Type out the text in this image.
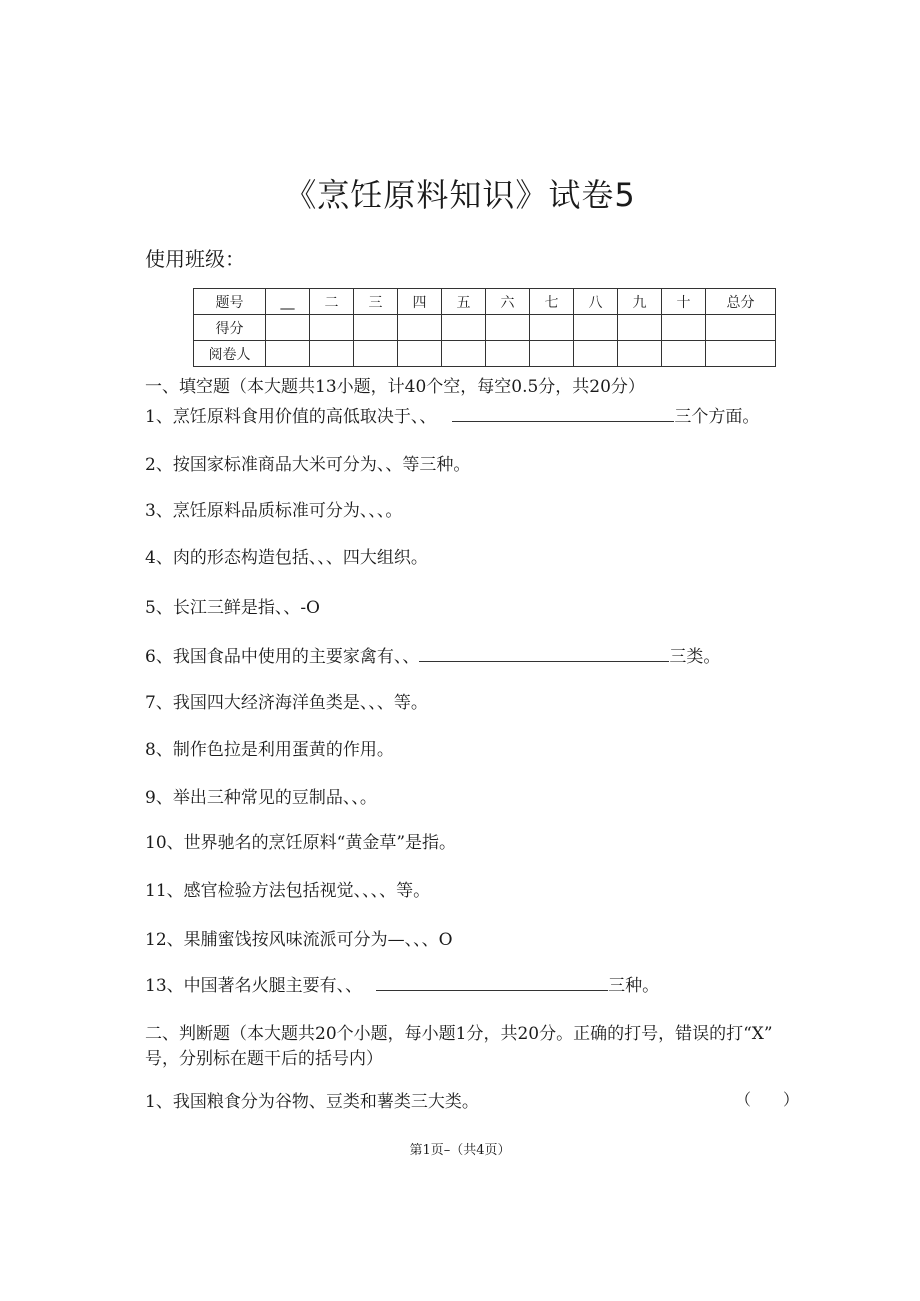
《烹饪原料知识》试卷5
使用班级：
题号	__	二	三	四	五	六	七	八	九	十	总分
得分											
阅卷人											
一、填空题（本大题共13小题，计40个空，每空0.5分，共20分）
1、烹饪原料食用价值的高低取决于、、	三个方面。
2、按国家标准商品大米可分为、、等三种。
3、烹饪原料品质标准可分为、、、。
4、肉的形态构造包括、、、四大组织。
5、长江三鲜是指、、-O
6、我国食品中使用的主要家禽有、、	三类。
7、我国四大经济海洋鱼类是、、、等。
8、制作色拉是利用蛋黄的作用。
9、举出三种常见的豆制品、、。
10、世界驰名的烹饪原料“黄金草”是指。
11、感官检验方法包括视觉、、、、等。
12、果脯蜜饯按风味流派可分为—、、、O
13、中国著名火腿主要有、、	三种。
二、判断题（本大题共20个小题，每小题1分，共20分。正确的打号，错误的打“X”
号，分别标在题干后的括号内）
1、我国粮食分为谷物、豆类和薯类三大类。	（　　）
第1页–（共4页）
